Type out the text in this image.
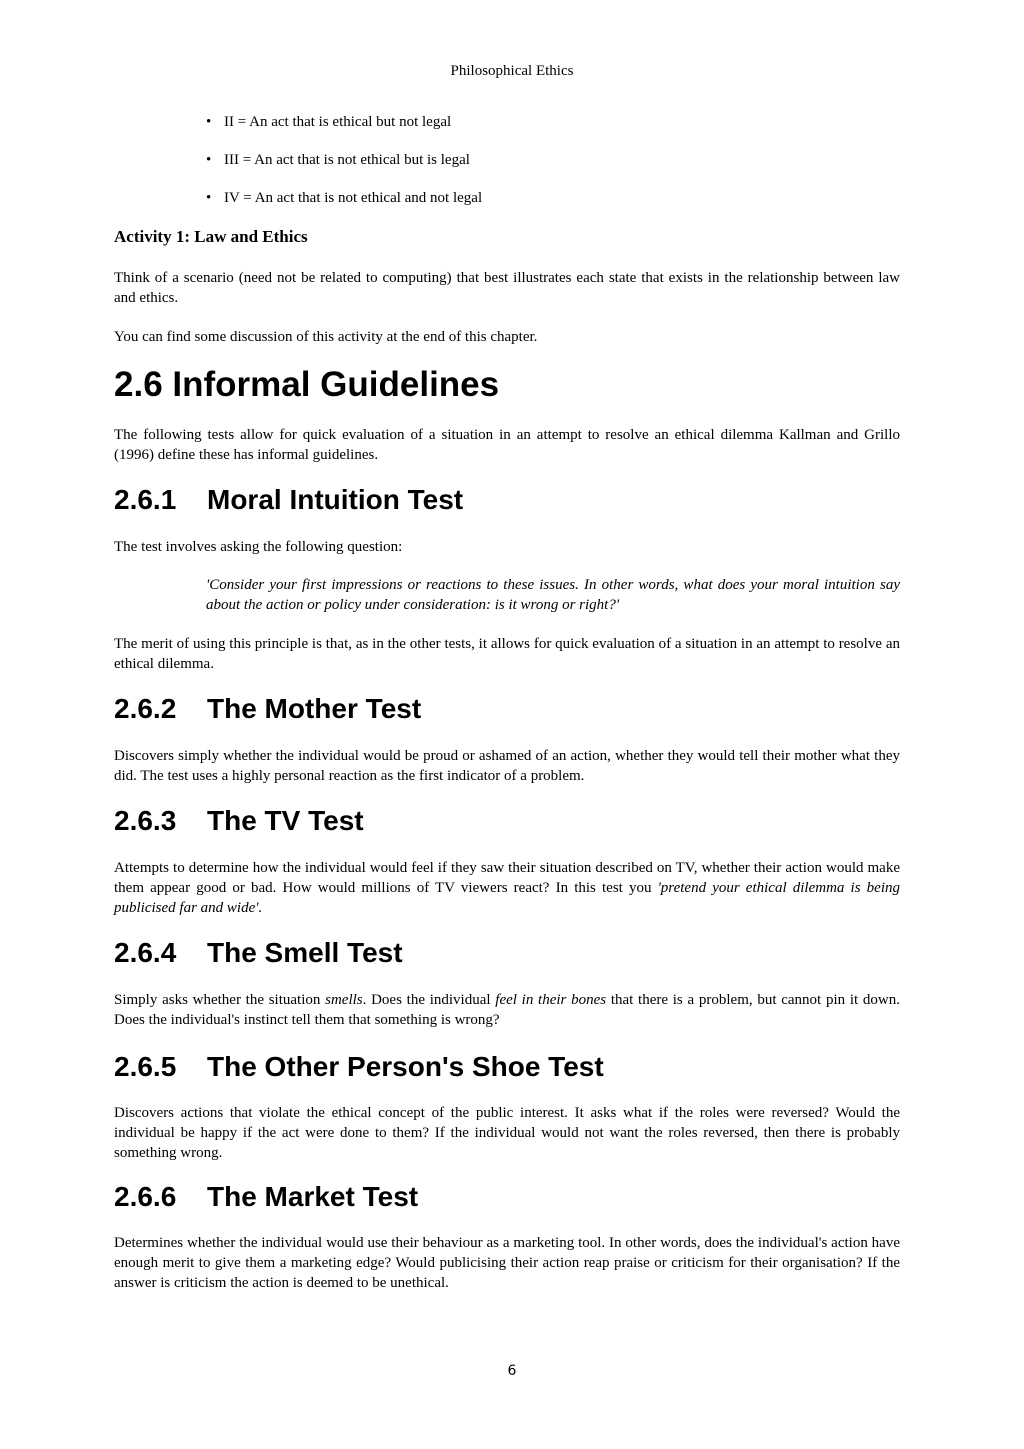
Philosophical Ethics
• II = An act that is ethical but not legal
• III = An act that is not ethical but is legal
• IV = An act that is not ethical and not legal
Activity 1: Law and Ethics

Think of a scenario (need not be related to computing) that best illustrates each state that exists in the relationship between law and ethics.

You can find some discussion of this activity at the end of this chapter.

2.6 Informal Guidelines

The following tests allow for quick evaluation of a situation in an attempt to resolve an ethical dilemma Kallman and Grillo (1996) define these has informal guidelines.

2.6.1 Moral Intuition Test

The test involves asking the following question:

'Consider your first impressions or reactions to these issues. In other words, what does your moral intuition say about the action or policy under consideration: is it wrong or right?'

The merit of using this principle is that, as in the other tests, it allows for quick evaluation of a situation in an attempt to resolve an ethical dilemma.

2.6.2 The Mother Test

Discovers simply whether the individual would be proud or ashamed of an action, whether they would tell their mother what they did. The test uses a highly personal reaction as the first indicator of a problem.

2.6.3 The TV Test

Attempts to determine how the individual would feel if they saw their situation described on TV, whether their action would make them appear good or bad. How would millions of TV viewers react? In this test you 'pretend your ethical dilemma is being publicised far and wide'.

2.6.4 The Smell Test

Simply asks whether the situation smells. Does the individual feel in their bones that there is a problem, but cannot pin it down. Does the individual's instinct tell them that something is wrong?

2.6.5 The Other Person's Shoe Test

Discovers actions that violate the ethical concept of the public interest. It asks what if the roles were reversed? Would the individual be happy if the act were done to them? If the individual would not want the roles reversed, then there is probably something wrong.

2.6.6 The Market Test

Determines whether the individual would use their behaviour as a marketing tool. In other words, does the individual's action have enough merit to give them a marketing edge? Would publicising their action reap praise or criticism for their organisation? If the answer is criticism the action is deemed to be unethical.

6
